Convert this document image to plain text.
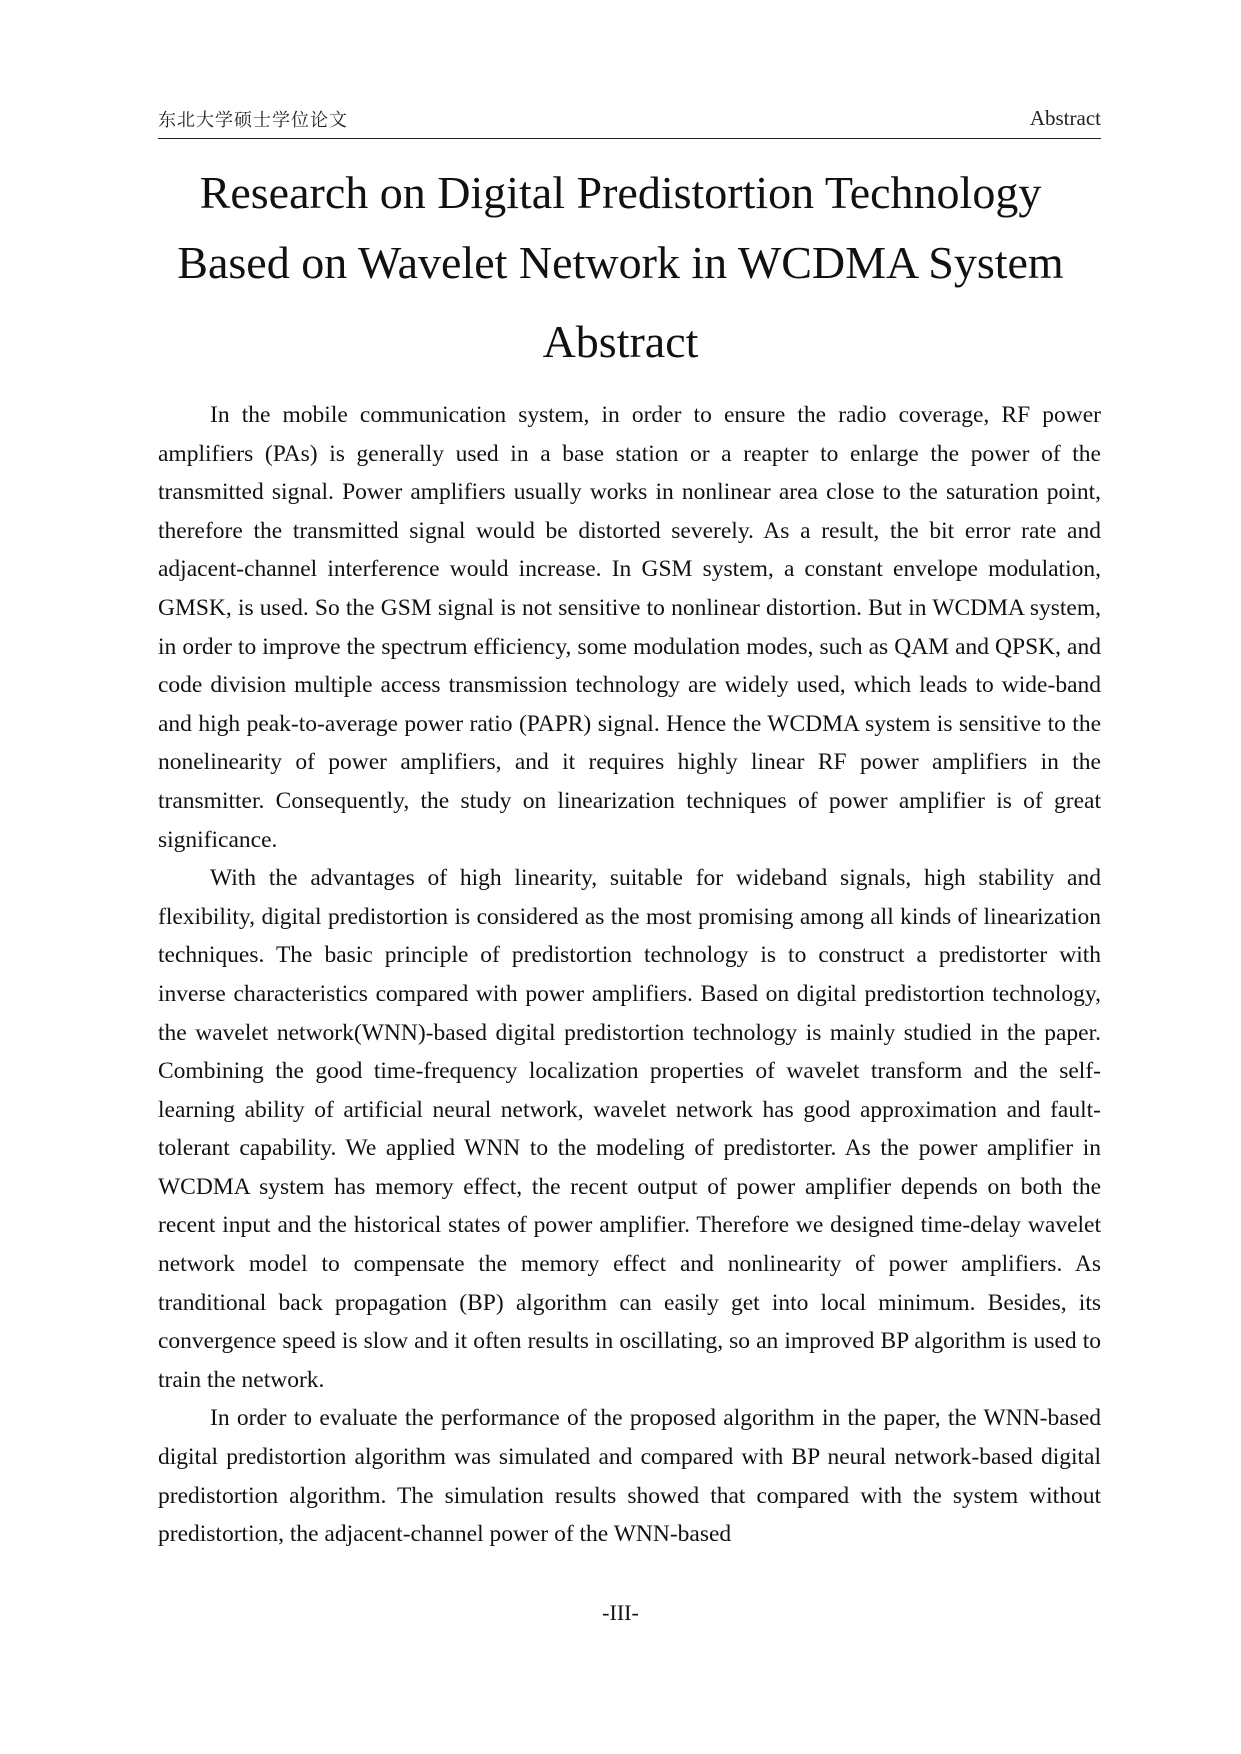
东北大学硕士学位论文	Abstract
Research on Digital Predistortion Technology
Based on Wavelet Network in WCDMA System
Abstract

In the mobile communication system, in order to ensure the radio coverage, RF power amplifiers (PAs) is generally used in a base station or a reapter to enlarge the power of the transmitted signal. Power amplifiers usually works in nonlinear area close to the saturation point, therefore the transmitted signal would be distorted severely. As a result, the bit error rate and adjacent-channel interference would increase. In GSM system, a constant envelope modulation, GMSK, is used. So the GSM signal is not sensitive to nonlinear distortion. But in WCDMA system, in order to improve the spectrum efficiency, some modulation modes, such as QAM and QPSK, and code division multiple access transmission technology are widely used, which leads to wide-band and high peak-to-average power ratio (PAPR) signal. Hence the WCDMA system is sensitive to the nonelinearity of power amplifiers, and it requires highly linear RF power amplifiers in the transmitter. Consequently, the study on linearization techniques of power amplifier is of great significance.

With the advantages of high linearity, suitable for wideband signals, high stability and flexibility, digital predistortion is considered as the most promising among all kinds of linearization techniques. The basic principle of predistortion technology is to construct a predistorter with inverse characteristics compared with power amplifiers. Based on digital predistortion technology, the wavelet network(WNN)-based digital predistortion technology is mainly studied in the paper. Combining the good time-frequency localization properties of wavelet transform and the self-learning ability of artificial neural network, wavelet network has good approximation and fault-tolerant capability. We applied WNN to the modeling of predistorter. As the power amplifier in WCDMA system has memory effect, the recent output of power amplifier depends on both the recent input and the historical states of power amplifier. Therefore we designed time-delay wavelet network model to compensate the memory effect and nonlinearity of power amplifiers. As tranditional back propagation (BP) algorithm can easily get into local minimum. Besides, its convergence speed is slow and it often results in oscillating, so an improved BP algorithm is used to train the network.

In order to evaluate the performance of the proposed algorithm in the paper, the WNN-based digital predistortion algorithm was simulated and compared with BP neural network-based digital predistortion algorithm. The simulation results showed that compared with the system without predistortion, the adjacent-channel power of the WNN-based

-III-
